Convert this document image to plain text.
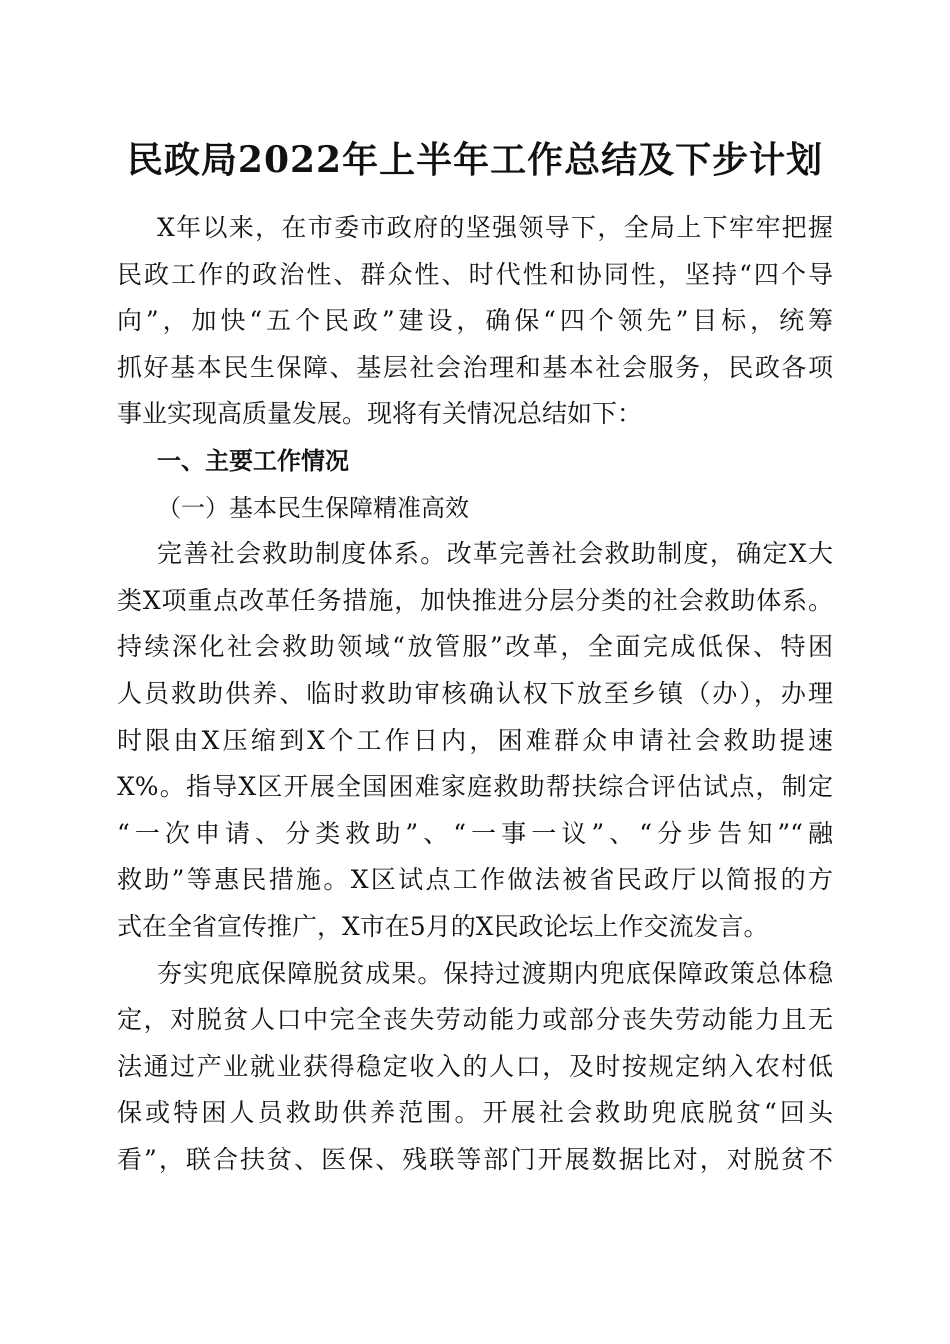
民政局2022年上半年工作总结及下步计划
X年以来，在市委市政府的坚强领导下，全局上下牢牢把握
民政工作的政治性、群众性、时代性和协同性，坚持“四个导
向”，加快“五个民政”建设，确保“四个领先”目标，统筹
抓好基本民生保障、基层社会治理和基本社会服务，民政各项
事业实现高质量发展。现将有关情况总结如下：
一、主要工作情况
（一）基本民生保障精准高效
完善社会救助制度体系。改革完善社会救助制度，确定X大
类X项重点改革任务措施，加快推进分层分类的社会救助体系。
持续深化社会救助领域“放管服”改革，全面完成低保、特困
人员救助供养、临时救助审核确认权下放至乡镇（办），办理
时限由X压缩到X个工作日内，困难群众申请社会救助提速
X%。指导X区开展全国困难家庭救助帮扶综合评估试点，制定
“一次申请、分类救助”、“一事一议”、“分步告知”“融
救助”等惠民措施。X区试点工作做法被省民政厅以简报的方
式在全省宣传推广，X市在5月的X民政论坛上作交流发言。
夯实兜底保障脱贫成果。保持过渡期内兜底保障政策总体稳
定，对脱贫人口中完全丧失劳动能力或部分丧失劳动能力且无
法通过产业就业获得稳定收入的人口，及时按规定纳入农村低
保或特困人员救助供养范围。开展社会救助兜底脱贫“回头
看”，联合扶贫、医保、残联等部门开展数据比对，对脱贫不
